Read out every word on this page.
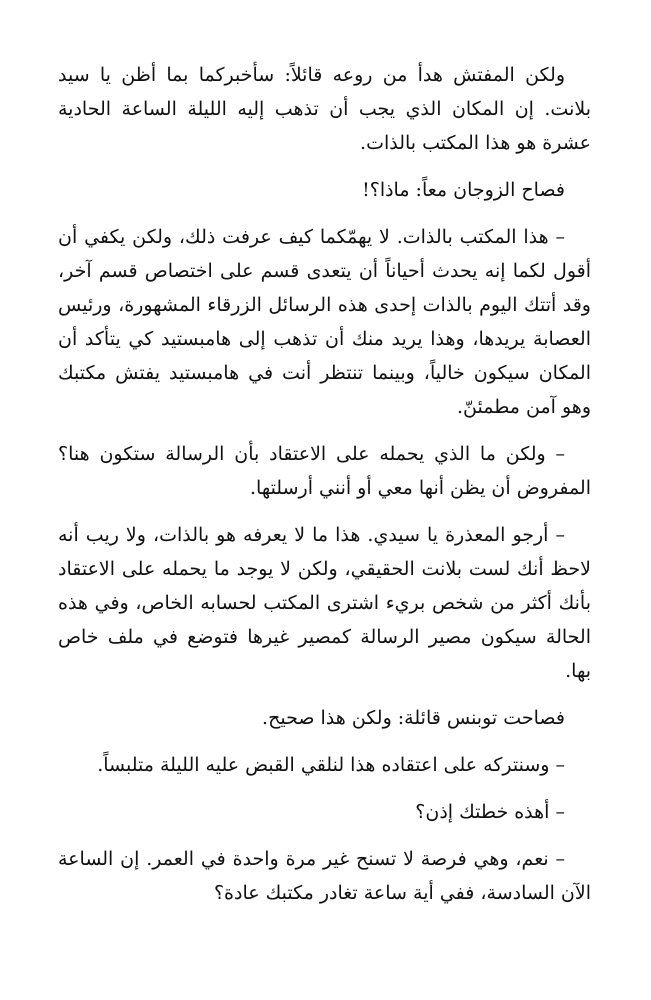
ولكن المفتش هدأ من روعه قائلاً: سأخبركما بما أظن يا سيد بلانت. إن المكان الذي يجب أن تذهب إليه الليلة الساعة الحادية عشرة هو هذا المكتب بالذات.

فصاح الزوجان معاً: ماذا؟!

– هذا المكتب بالذات. لا يهمّكما كيف عرفت ذلك، ولكن يكفي أن أقول لكما إنه يحدث أحياناً أن يتعدى قسم على اختصاص قسم آخر، وقد أتتك اليوم بالذات إحدى هذه الرسائل الزرقاء المشهورة، ورئيس العصابة يريدها، وهذا يريد منك أن تذهب إلى هامبستيد كي يتأكد أن المكان سيكون خالياً، وبينما تنتظر أنت في هامبستيد يفتش مكتبك وهو آمن مطمئنّ.

– ولكن ما الذي يحمله على الاعتقاد بأن الرسالة ستكون هنا؟ المفروض أن يظن أنها معي أو أنني أرسلتها.

– أرجو المعذرة يا سيدي. هذا ما لا يعرفه هو بالذات، ولا ريب أنه لاحظ أنك لست بلانت الحقيقي، ولكن لا يوجد ما يحمله على الاعتقاد بأنك أكثر من شخص بريء اشترى المكتب لحسابه الخاص، وفي هذه الحالة سيكون مصير الرسالة كمصير غيرها فتوضع في ملف خاص بها.

فصاحت توبنس قائلة: ولكن هذا صحيح.

– وسنتركه على اعتقاده هذا لنلقي القبض عليه الليلة متلبساً.

– أهذه خطتك إذن؟

– نعم، وهي فرصة لا تسنح غير مرة واحدة في العمر. إن الساعة الآن السادسة، ففي أية ساعة تغادر مكتبك عادة؟
